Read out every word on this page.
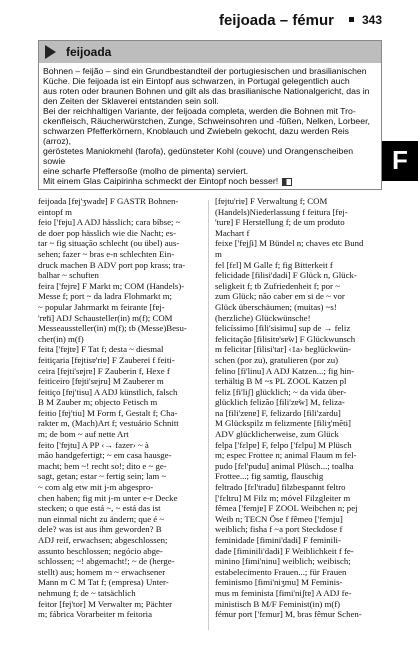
feijoada – fémur 343
feijoada

Bohnen – feijão – sind ein Grundbestandteil der portugiesischen und brasilianischen

Küche. Die feijoada ist ein Eintopf aus schwarzen, in Portugal gelegentlich auch

aus roten oder braunen Bohnen und gilt als das brasilianische Nationalgericht, das in

den Zeiten der Sklaverei entstanden sein soll.

Bei der reichhaltigen Variante, der feijoada completa, werden die Bohnen mit Tro-

ckenfleisch, Räucherwürstchen, Zunge, Schweinsohren und -füßen, Nelken, Lorbeer,

schwarzen Pfefferkörnern, Knoblauch und Zwiebeln gekocht, dazu werden Reis (arroz),

geröstetes Maniokmehl (farofa), gedünsteter Kohl (couve) und Orangenscheiben sowie

eine scharfe Pfeffersoße (molho de pimenta) serviert.

Mit einem Glas Caipirinha schmeckt der Eintopf noch besser!

F

feijoada [fɐj'ʒwadɐ] F GASTR Bohnen-

eintopf m

feio ['fɐju] A ADJ hässlich; cara bíbse; ~

de doer pop hässlich wie die Nacht; es-

tar ~ fig situação schlecht (ou übel) aus-

sehen; fazer ~ bras e-n schlechten Ein-

druck machen B ADV port pop krass; tra-

balhar ~ schuften

feira ['fɐjrɐ] F Markt m; COM (Handels)-

Messe f; port ~ da ladra Flohmarkt m;

~ popular Jahrmarkt m feirante [fɐj-

'rɐ̃tɨ] ADJ Schausteller(in) m(f); COM

Messeaussteller(in) m(f); tb (Messe)Besu-

cher(in) m(f)

feita ['fɐjtɐ] F Tat f; desta ~ diesmal

feitiçaria [fɐjtisɐ'riɐ] F Zauberei f feiti-

ceira [fɐjti'sɐjrɐ] F Zauberin f, Hexe f

feiticeiro [fɐjti'sɐjru] M Zauberer m

feitiço [fɐj'tisu] A ADJ künstlich, falsch

B M Zauber m; objecto Fetisch m

feitio [fɐj'tiu] M Form f, Gestalt f; Cha-

rakter m, (Mach)Art f; vestuário Schnitt

m; de bom ~ auf nette Art

feito ['fɐjtu] A PP ‹→ fazer› ~ à

mão handgefertigt; ~ em casa hausge-

macht; bem ~! recht so!; dito e ~ ge-

sagt, getan; estar ~ fertig sein; lam ~

~ com alg etw mit j-m abgespro-

chen haben; fig mit j-m unter e-r Decke

stecken; o que está ~, ~ está das ist

nun einmal nicht zu ändern; que é ~

dele? was ist aus ihm geworden? B

ADJ reif, erwachsen; abgeschlossen;

assunto beschlossen; negócio abge-

schlossen; ~! abgemacht!; ~ de (herge-

stellt) aus; homem m ~ erwachsener

Mann m C M Tat f; (empresa) Unter-

nehmung f; de ~ tatsächlich

feitor [fɐj'tor] M Verwalter m; Pächter

m; fábrica Vorarbeiter m feitoria

[fɐjtu'riɐ] F Verwaltung f; COM

(Handels)Niederlassung f feitura [fɐj-

'turɐ] F Herstellung f; de um produto

Machart f

feixe ['fɐjʃɨ] M Bündel n; chaves etc Bund

m

fel [fɛl] M Galle f; fig Bitterkeit f

felicidade [fɨlisi'dadɨ] F Glück n, Glück-

seligkeit f; tb Zufriedenheit f; por ~

zum Glück; não caber em si de ~ vor

Glück überschäumen; (muitas) ~s!

(herzliche) Glückwünsche!

felicíssimo [fɨli'sisimu] sup de → feliz

felicitação [fɨlisitɐ'sɐ̃w] F Glückwunsch

m felicitar [fɨlisi'tar] ‹1a› beglückwün-

schen (por zu), gratulieren (por zu)

felino [fɨ'linu] A ADJ Katzen...; fig hin-

terhältig B M ~s PL ZOOL Katzen pl

feliz [fɨ'liʃ] glücklich; ~ da vida über-

glücklich felizão [fɨli'zɐ̃w] M, feliza-

na [fɨli'zɐnɐ] F, felizardo [fɨli'zardu]

M Glückspilz m felizmente [fɨliʒ'mẽtɨ]

ADV glücklicherweise, zum Glück

felpa ['fɛlpɐ] F, felpo ['fɛlpu] M Plüsch

m; espec Frottee n; animal Flaum m fel-

pudo [fɛl'pudu] animal Plüsch...; toalha

Frottee...; fig samtig, flauschig

feltrado [fɛl'tradu] filzbespannt feltro

['fɛltru] M Filz m; móvel Filzgleiter m

fêmea ['femjɐ] F ZOOL Weibchen n; pej

Weib n; TECN Öse f fêmeo ['femju]

weiblich; fisha f ~a port Steckdose f

feminidade [fɨmini'dadɨ] F feminili-

dade [fɨminili'dadɨ] F Weiblichkeit f fe-

minino [fɨmi'ninu] weiblich; weibisch;

estabelecimento Frauen...; für Frauen

feminismo [fɨmi'niʒmu] M Feminis-

mus m feminista [fɨmi'niʃtɐ] A ADJ fe-

ministisch B M/F Feminist(in) m(f)

fémur port ['fɛmur] M, bras fêmur Schen-
